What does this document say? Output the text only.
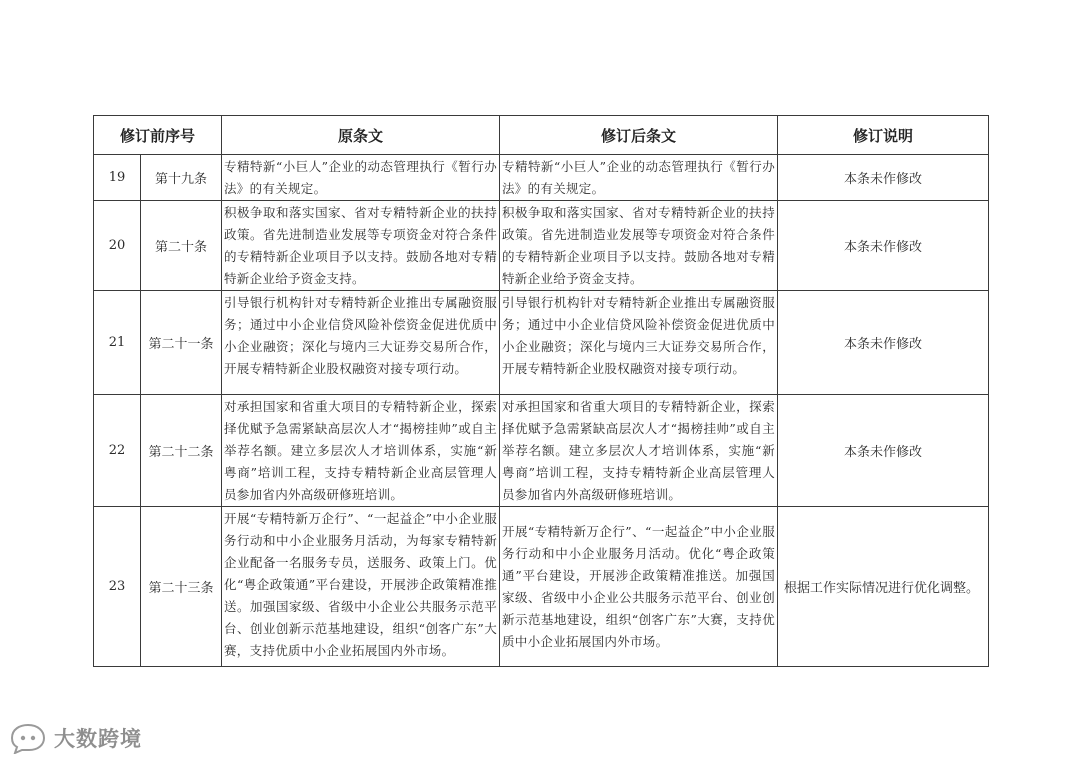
修订前序号		原条文	修订后条文	修订说明
19	第十九条	专精特新“小巨人”企业的动态管理执行《暂行办法》的有关规定。	专精特新“小巨人”企业的动态管理执行《暂行办法》的有关规定。	本条未作修改
20	第二十条	积极争取和落实国家、省对专精特新企业的扶持政策。省先进制造业发展等专项资金对符合条件的专精特新企业项目予以支持。鼓励各地对专精特新企业给予资金支持。	积极争取和落实国家、省对专精特新企业的扶持政策。省先进制造业发展等专项资金对符合条件的专精特新企业项目予以支持。鼓励各地对专精特新企业给予资金支持。	本条未作修改
21	第二十一条	引导银行机构针对专精特新企业推出专属融资服务；通过中小企业信贷风险补偿资金促进优质中小企业融资；深化与境内三大证券交易所合作，开展专精特新企业股权融资对接专项行动。	引导银行机构针对专精特新企业推出专属融资服务；通过中小企业信贷风险补偿资金促进优质中小企业融资；深化与境内三大证券交易所合作，开展专精特新企业股权融资对接专项行动。	本条未作修改
22	第二十二条	对承担国家和省重大项目的专精特新企业，探索择优赋予急需紧缺高层次人才“揭榜挂帅”或自主举荐名额。建立多层次人才培训体系，实施“新粤商”培训工程，支持专精特新企业高层管理人员参加省内外高级研修班培训。	对承担国家和省重大项目的专精特新企业，探索择优赋予急需紧缺高层次人才“揭榜挂帅”或自主举荐名额。建立多层次人才培训体系，实施“新粤商”培训工程，支持专精特新企业高层管理人员参加省内外高级研修班培训。	本条未作修改
23	第二十三条	开展“专精特新万企行”、“一起益企”中小企业服务行动和中小企业服务月活动，为每家专精特新企业配备一名服务专员，送服务、政策上门。优化“粤企政策通”平台建设，开展涉企政策精准推送。加强国家级、省级中小企业公共服务示范平台、创业创新示范基地建设，组织“创客广东”大赛，支持优质中小企业拓展国内外市场。	开展“专精特新万企行”、“一起益企”中小企业服务行动和中小企业服务月活动。优化“粤企政策通”平台建设，开展涉企政策精准推送。加强国家级、省级中小企业公共服务示范平台、创业创新示范基地建设，组织“创客广东”大赛，支持优质中小企业拓展国内外市场。	根据工作实际情况进行优化调整。
大数跨境
